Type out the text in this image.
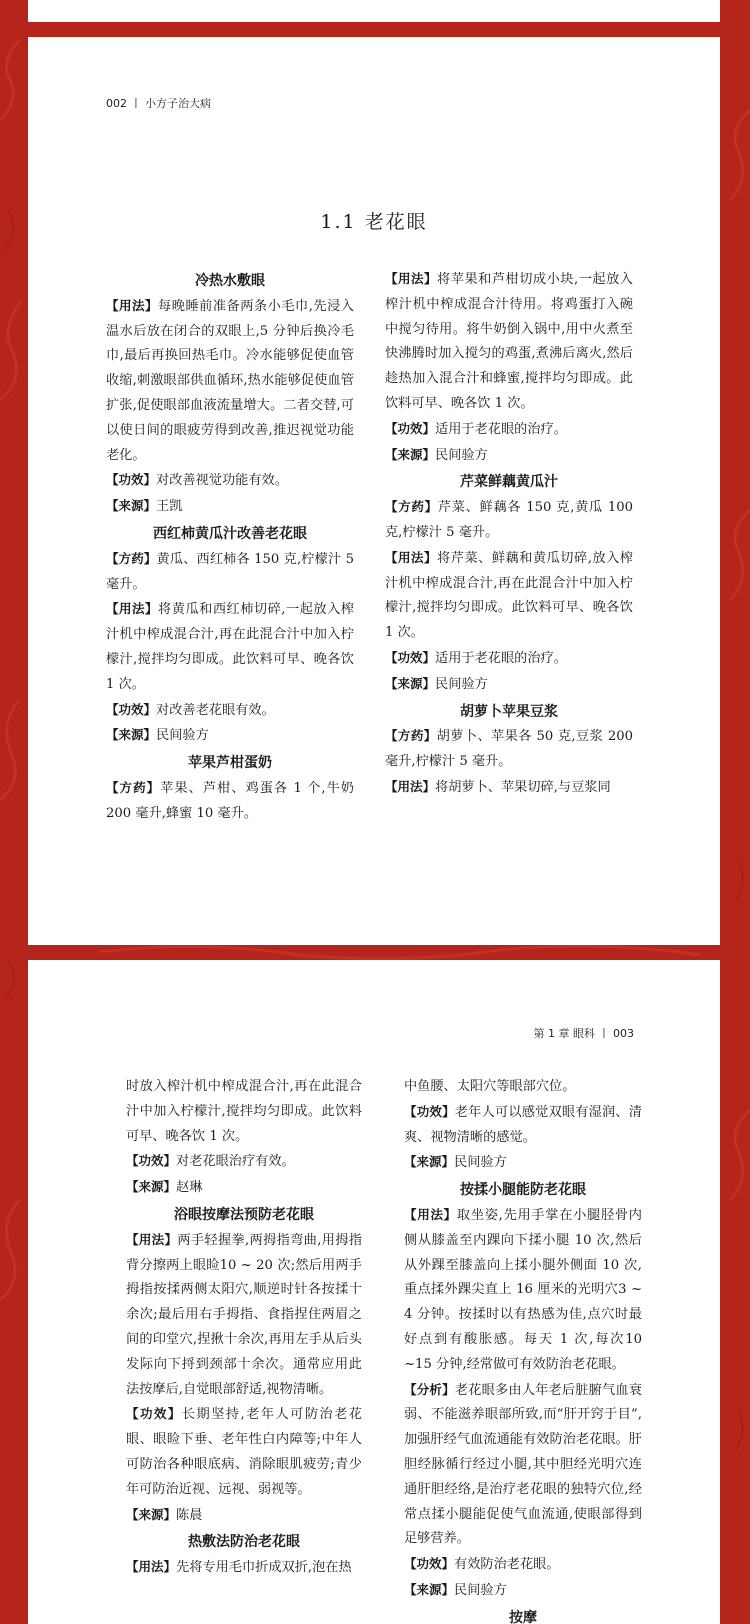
002 丨 小方子治大病
1.1 老花眼
冷热水敷眼

【用法】每晚睡前准备两条小毛巾,先浸入温水后放在闭合的双眼上,5 分钟后换冷毛巾,最后再换回热毛巾。冷水能够促使血管收缩,刺激眼部供血循环,热水能够促使血管扩张,促使眼部血液流量增大。二者交替,可以使日间的眼疲劳得到改善,推迟视觉功能老化。

【功效】对改善视觉功能有效。

【来源】王凯

西红柿黄瓜汁改善老花眼

【方药】黄瓜、西红柿各 150 克,柠檬汁 5 毫升。

【用法】将黄瓜和西红柿切碎,一起放入榨汁机中榨成混合汁,再在此混合汁中加入柠檬汁,搅拌均匀即成。此饮料可早、晚各饮 1 次。

【功效】对改善老花眼有效。

【来源】民间验方

苹果芦柑蛋奶

【方药】苹果、芦柑、鸡蛋各 1 个,牛奶 200 毫升,蜂蜜 10 毫升。

【用法】将苹果和芦柑切成小块,一起放入榨汁机中榨成混合汁待用。将鸡蛋打入碗中搅匀待用。将牛奶倒入锅中,用中火煮至快沸腾时加入搅匀的鸡蛋,煮沸后离火,然后趁热加入混合汁和蜂蜜,搅拌均匀即成。此饮料可早、晚各饮 1 次。

【功效】适用于老花眼的治疗。

【来源】民间验方

芹菜鲜藕黄瓜汁

【方药】芹菜、鲜藕各 150 克,黄瓜 100 克,柠檬汁 5 毫升。

【用法】将芹菜、鲜藕和黄瓜切碎,放入榨汁机中榨成混合汁,再在此混合汁中加入柠檬汁,搅拌均匀即成。此饮料可早、晚各饮 1 次。

【功效】适用于老花眼的治疗。

【来源】民间验方

胡萝卜苹果豆浆

【方药】胡萝卜、苹果各 50 克,豆浆 200 毫升,柠檬汁 5 毫升。

【用法】将胡萝卜、苹果切碎,与豆浆同

第 1 章 眼科 丨 003

时放入榨汁机中榨成混合汁,再在此混合汁中加入柠檬汁,搅拌均匀即成。此饮料可早、晚各饮 1 次。

【功效】对老花眼治疗有效。

【来源】赵琳

浴眼按摩法预防老花眼

【用法】两手轻握拳,两拇指弯曲,用拇指背分擦两上眼睑10 ~ 20 次;然后用两手拇指按揉两侧太阳穴,顺逆时针各按揉十余次;最后用右手拇指、食指捏住两眉之间的印堂穴,捏揪十余次,再用左手从后头发际向下捋到颈部十余次。通常应用此法按摩后,自觉眼部舒适,视物清晰。

【功效】长期坚持,老年人可防治老花眼、眼睑下垂、老年性白内障等;中年人可防治各种眼底病、消除眼肌疲劳;青少年可防治近视、远视、弱视等。

【来源】陈晨

热敷法防治老花眼

【用法】先将专用毛巾折成双折,泡在热

中鱼腰、太阳穴等眼部穴位。

【功效】老年人可以感觉双眼有湿润、清爽、视物清晰的感觉。

【来源】民间验方

按揉小腿能防老花眼

【用法】取坐姿,先用手掌在小腿胫骨内侧从膝盖至内踝向下揉小腿 10 次,然后从外踝至膝盖向上揉小腿外侧面 10 次,重点揉外踝尖直上 16 厘米的光明穴3 ~ 4 分钟。按揉时以有热感为佳,点穴时最好点到有酸胀感。每天 1 次,每次10 ~15 分钟,经常做可有效防治老花眼。

【分析】老花眼多由人年老后脏腑气血衰弱、不能滋养眼部所致,而“肝开窍于目”,加强肝经气血流通能有效防治老花眼。肝胆经脉循行经过小腿,其中胆经光明穴连通肝胆经络,是治疗老花眼的独特穴位,经常点揉小腿能促使气血流通,使眼部得到足够营养。

【功效】有效防治老花眼。

【来源】民间验方

按摩
